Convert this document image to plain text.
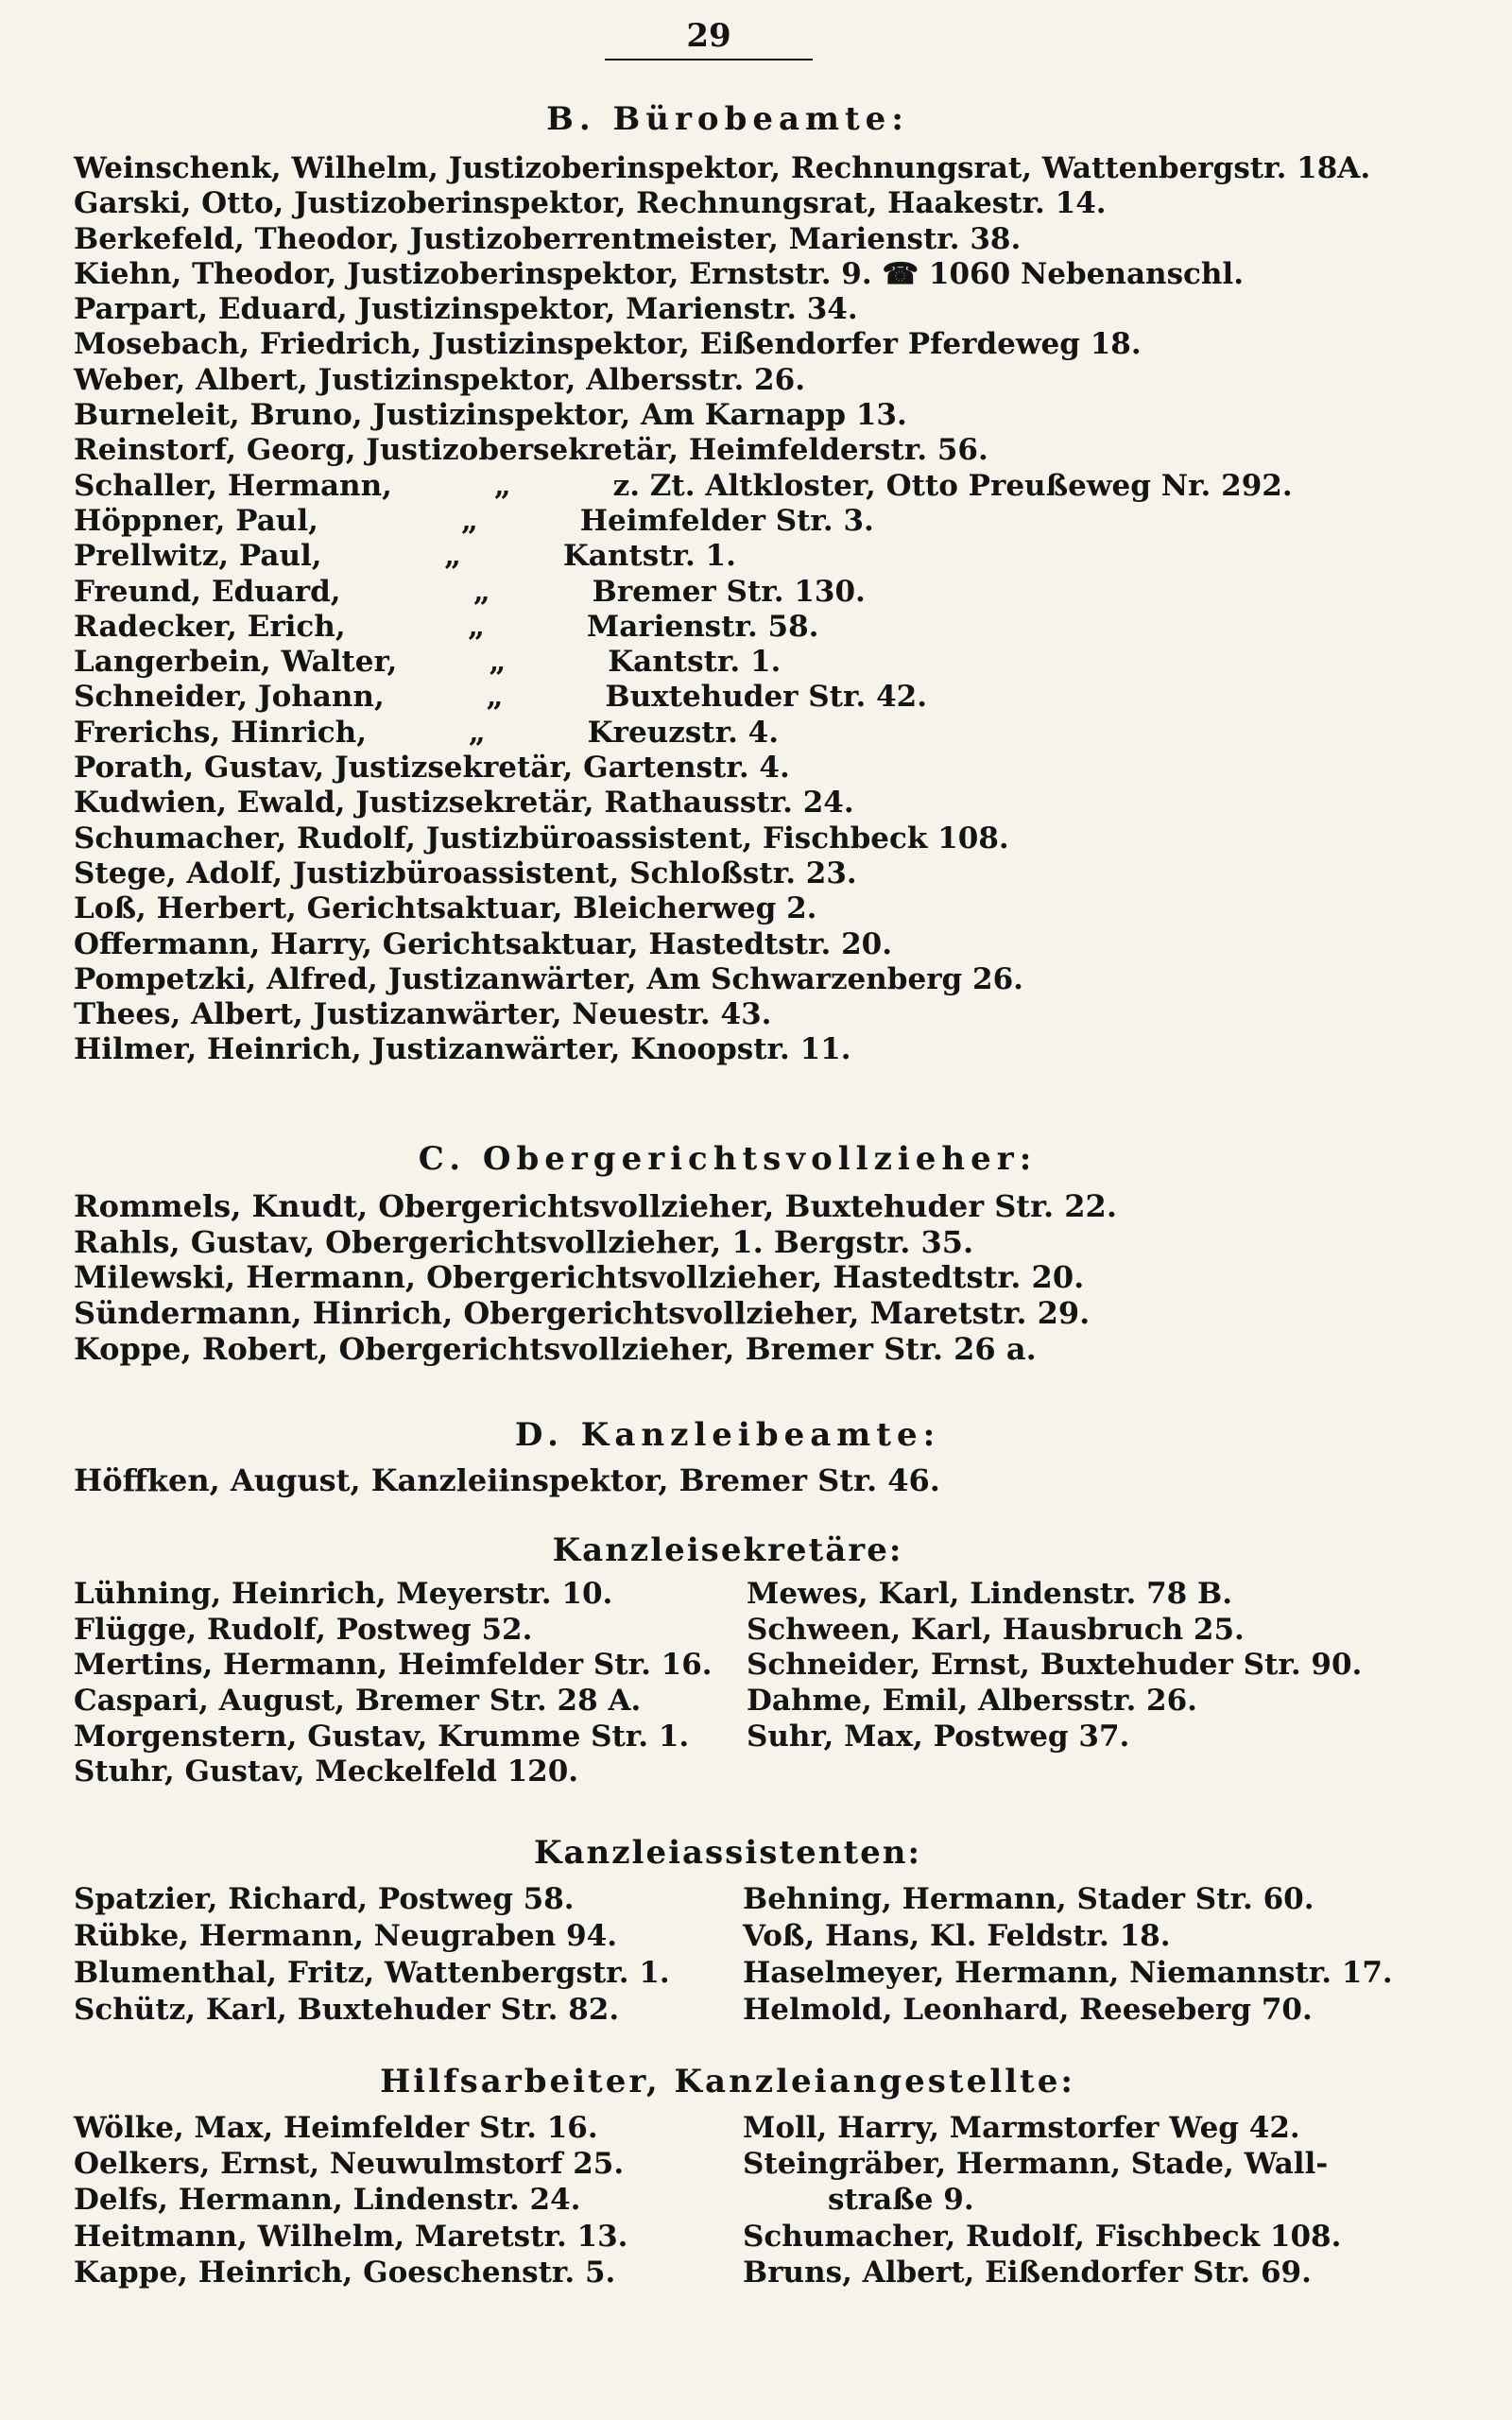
29
B. Bürobeamte:
Weinschenk, Wilhelm, Justizoberinspektor, Rechnungsrat, Wattenbergstr. 18A.
Garski, Otto, Justizoberinspektor, Rechnungsrat, Haakestr. 14.
Berkefeld, Theodor, Justizoberrentmeister, Marienstr. 38.
Kiehn, Theodor, Justizoberinspektor, Ernststr. 9. ☎ 1060 Nebenanschl.
Parpart, Eduard, Justizinspektor, Marienstr. 34.
Mosebach, Friedrich, Justizinspektor, Eißendorfer Pferdeweg 18.
Weber, Albert, Justizinspektor, Albersstr. 26.
Burneleit, Bruno, Justizinspektor, Am Karnapp 13.
Reinstorf, Georg, Justizobersekretär, Heimfelderstr. 56.
Schaller, Hermann,          „          z. Zt. Altkloster, Otto Preußeweg Nr. 292.
Höppner, Paul,              „          Heimfelder Str. 3.
Prellwitz, Paul,            „          Kantstr. 1.
Freund, Eduard,             „          Bremer Str. 130.
Radecker, Erich,            „          Marienstr. 58.
Langerbein, Walter,         „          Kantstr. 1.
Schneider, Johann,          „          Buxtehuder Str. 42.
Frerichs, Hinrich,          „          Kreuzstr. 4.
Porath, Gustav, Justizsekretär, Gartenstr. 4.
Kudwien, Ewald, Justizsekretär, Rathausstr. 24.
Schumacher, Rudolf, Justizbüroassistent, Fischbeck 108.
Stege, Adolf, Justizbüroassistent, Schloßstr. 23.
Loß, Herbert, Gerichtsaktuar, Bleicherweg 2.
Offermann, Harry, Gerichtsaktuar, Hastedtstr. 20.
Pompetzki, Alfred, Justizanwärter, Am Schwarzenberg 26.
Thees, Albert, Justizanwärter, Neuestr. 43.
Hilmer, Heinrich, Justizanwärter, Knoopstr. 11.
C. Obergerichtsvollzieher:
Rommels, Knudt, Obergerichtsvollzieher, Buxtehuder Str. 22.
Rahls, Gustav, Obergerichtsvollzieher, 1. Bergstr. 35.
Milewski, Hermann, Obergerichtsvollzieher, Hastedtstr. 20.
Sündermann, Hinrich, Obergerichtsvollzieher, Maretstr. 29.
Koppe, Robert, Obergerichtsvollzieher, Bremer Str. 26 a.
D. Kanzleibeamte:
Höffken, August, Kanzleiinspektor, Bremer Str. 46.
Kanzleisekretäre:
Lühning, Heinrich, Meyerstr. 10.
Flügge, Rudolf, Postweg 52.
Mertins, Hermann, Heimfelder Str. 16.
Caspari, August, Bremer Str. 28 A.
Morgenstern, Gustav, Krumme Str. 1.
Stuhr, Gustav, Meckelfeld 120.
Mewes, Karl, Lindenstr. 78 B.
Schween, Karl, Hausbruch 25.
Schneider, Ernst, Buxtehuder Str. 90.
Dahme, Emil, Albersstr. 26.
Suhr, Max, Postweg 37.
Kanzleiassistenten:
Spatzier, Richard, Postweg 58.
Rübke, Hermann, Neugraben 94.
Blumenthal, Fritz, Wattenbergstr. 1.
Schütz, Karl, Buxtehuder Str. 82.
Behning, Hermann, Stader Str. 60.
Voß, Hans, Kl. Feldstr. 18.
Haselmeyer, Hermann, Niemannstr. 17.
Helmold, Leonhard, Reeseberg 70.
Hilfsarbeiter, Kanzleiangestellte:
Wölke, Max, Heimfelder Str. 16.
Oelkers, Ernst, Neuwulmstorf 25.
Delfs, Hermann, Lindenstr. 24.
Heitmann, Wilhelm, Maretstr. 13.
Kappe, Heinrich, Goeschenstr. 5.
Moll, Harry, Marmstorfer Weg 42.
Steingräber, Hermann, Stade, Wall-
straße 9.
Schumacher, Rudolf, Fischbeck 108.
Bruns, Albert, Eißendorfer Str. 69.
